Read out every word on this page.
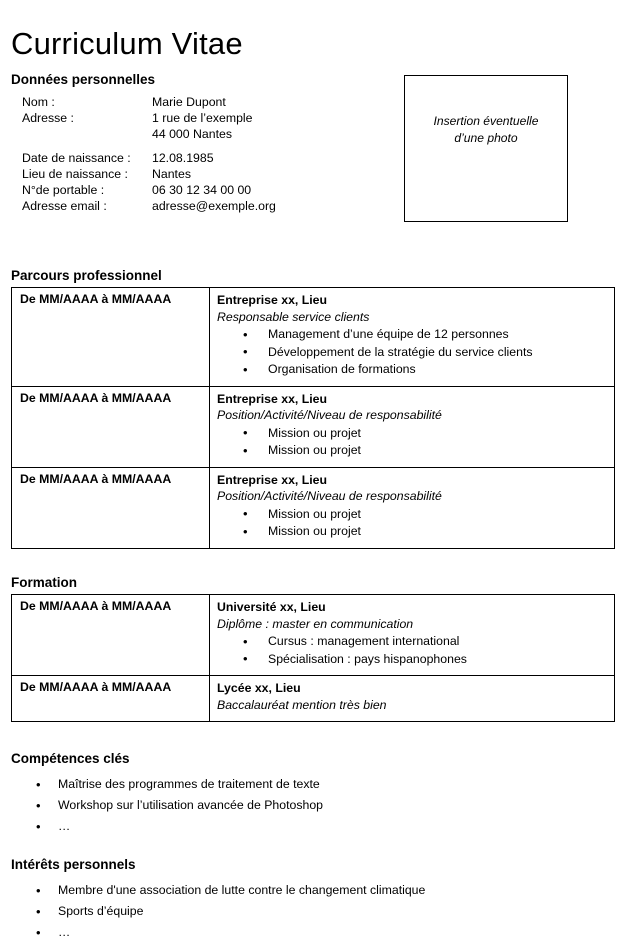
Curriculum Vitae
Données personnelles
Nom :	Marie Dupont
Adresse :	1 rue de l’exemple
44 000 Nantes
Date de naissance :	12.08.1985
Lieu de naissance :	Nantes
N°de portable :	06 30 12 34 00 00
Adresse email :	adresse@exemple.org
Insertion éventuelle
d’une photo
Parcours professionnel
De MM/AAAA à MM/AAAA	Entreprise xx, Lieu
Responsable service clients
• Management d’une équipe de 12 personnes
• Développement de la stratégie du service clients
• Organisation de formations

De MM/AAAA à MM/AAAA	Entreprise xx, Lieu
Position/Activité/Niveau de responsabilité
• Mission ou projet
• Mission ou projet

De MM/AAAA à MM/AAAA	Entreprise xx, Lieu
Position/Activité/Niveau de responsabilité
• Mission ou projet
• Mission ou projet
Formation
De MM/AAAA à MM/AAAA	Université xx, Lieu
Diplôme : master en communication
• Cursus : management international
• Spécialisation : pays hispanophones

De MM/AAAA à MM/AAAA	Lycée xx, Lieu
Baccalauréat mention très bien
Compétences clés
• Maîtrise des programmes de traitement de texte
• Workshop sur l’utilisation avancée de Photoshop
• …
Intérêts personnels
• Membre d'une association de lutte contre le changement climatique
• Sports d’équipe
• …
